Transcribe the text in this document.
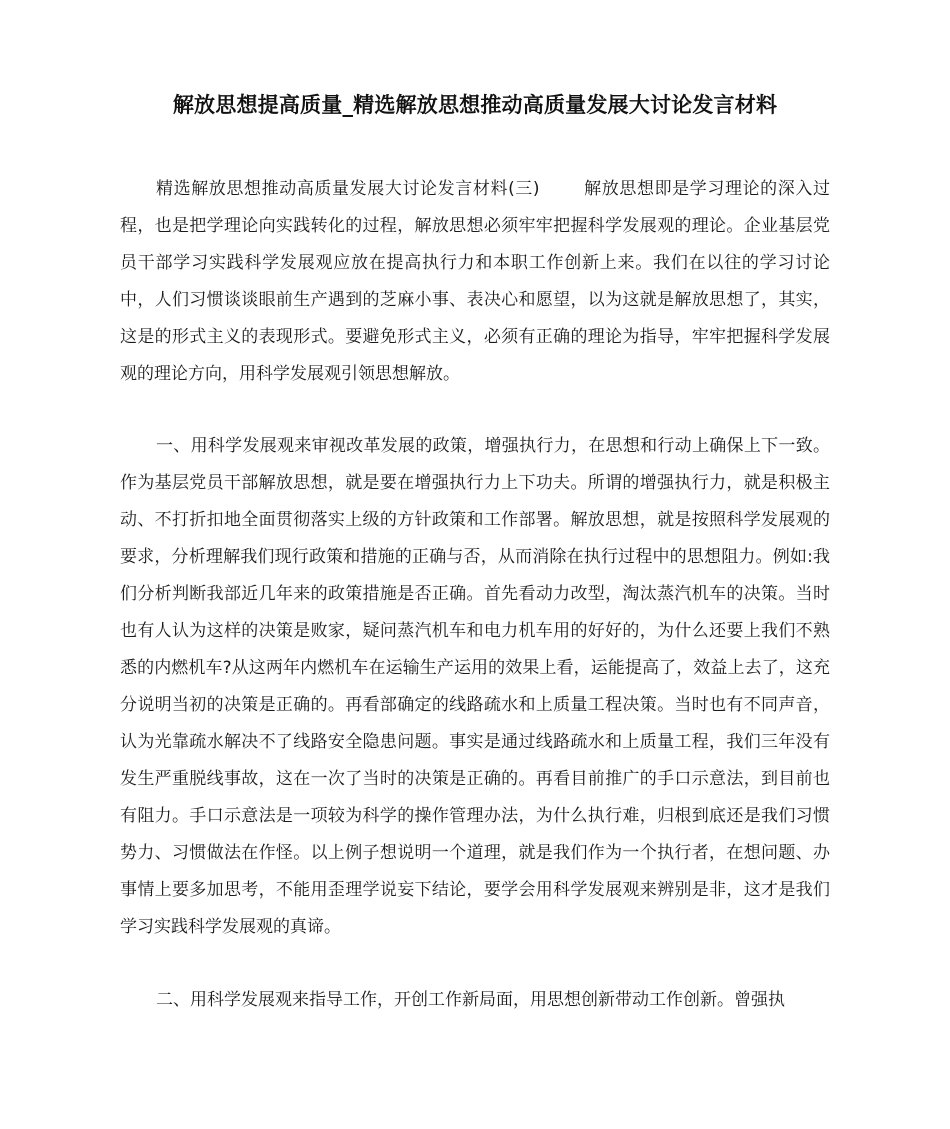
解放思想提高质量_精选解放思想推动高质量发展大讨论发言材料

精选解放思想推动高质量发展大讨论发言材料(三)	解放思想即是学习理论的深入过程，也是把学理论向实践转化的过程，解放思想必须牢牢把握科学发展观的理论。企业基层党员干部学习实践科学发展观应放在提高执行力和本职工作创新上来。我们在以往的学习讨论中，人们习惯谈谈眼前生产遇到的芝麻小事、表决心和愿望，以为这就是解放思想了，其实，这是的形式主义的表现形式。要避免形式主义，必须有正确的理论为指导，牢牢把握科学发展观的理论方向，用科学发展观引领思想解放。

一、用科学发展观来审视改革发展的政策，增强执行力，在思想和行动上确保上下一致。作为基层党员干部解放思想，就是要在增强执行力上下功夫。所谓的增强执行力，就是积极主动、不打折扣地全面贯彻落实上级的方针政策和工作部署。解放思想，就是按照科学发展观的要求，分析理解我们现行政策和措施的正确与否，从而消除在执行过程中的思想阻力。例如:我们分析判断我部近几年来的政策措施是否正确。首先看动力改型，淘汰蒸汽机车的决策。当时也有人认为这样的决策是败家，疑问蒸汽机车和电力机车用的好好的，为什么还要上我们不熟悉的内燃机车?从这两年内燃机车在运输生产运用的效果上看，运能提高了，效益上去了，这充分说明当初的决策是正确的。再看部确定的线路疏水和上质量工程决策。当时也有不同声音，认为光靠疏水解决不了线路安全隐患问题。事实是通过线路疏水和上质量工程，我们三年没有发生严重脱线事故，这在一次了当时的决策是正确的。再看目前推广的手口示意法，到目前也有阻力。手口示意法是一项较为科学的操作管理办法，为什么执行难，归根到底还是我们习惯势力、习惯做法在作怪。以上例子想说明一个道理，就是我们作为一个执行者，在想问题、办事情上要多加思考，不能用歪理学说妄下结论，要学会用科学发展观来辨别是非，这才是我们学习实践科学发展观的真谛。

二、用科学发展观来指导工作，开创工作新局面，用思想创新带动工作创新。曾强执
